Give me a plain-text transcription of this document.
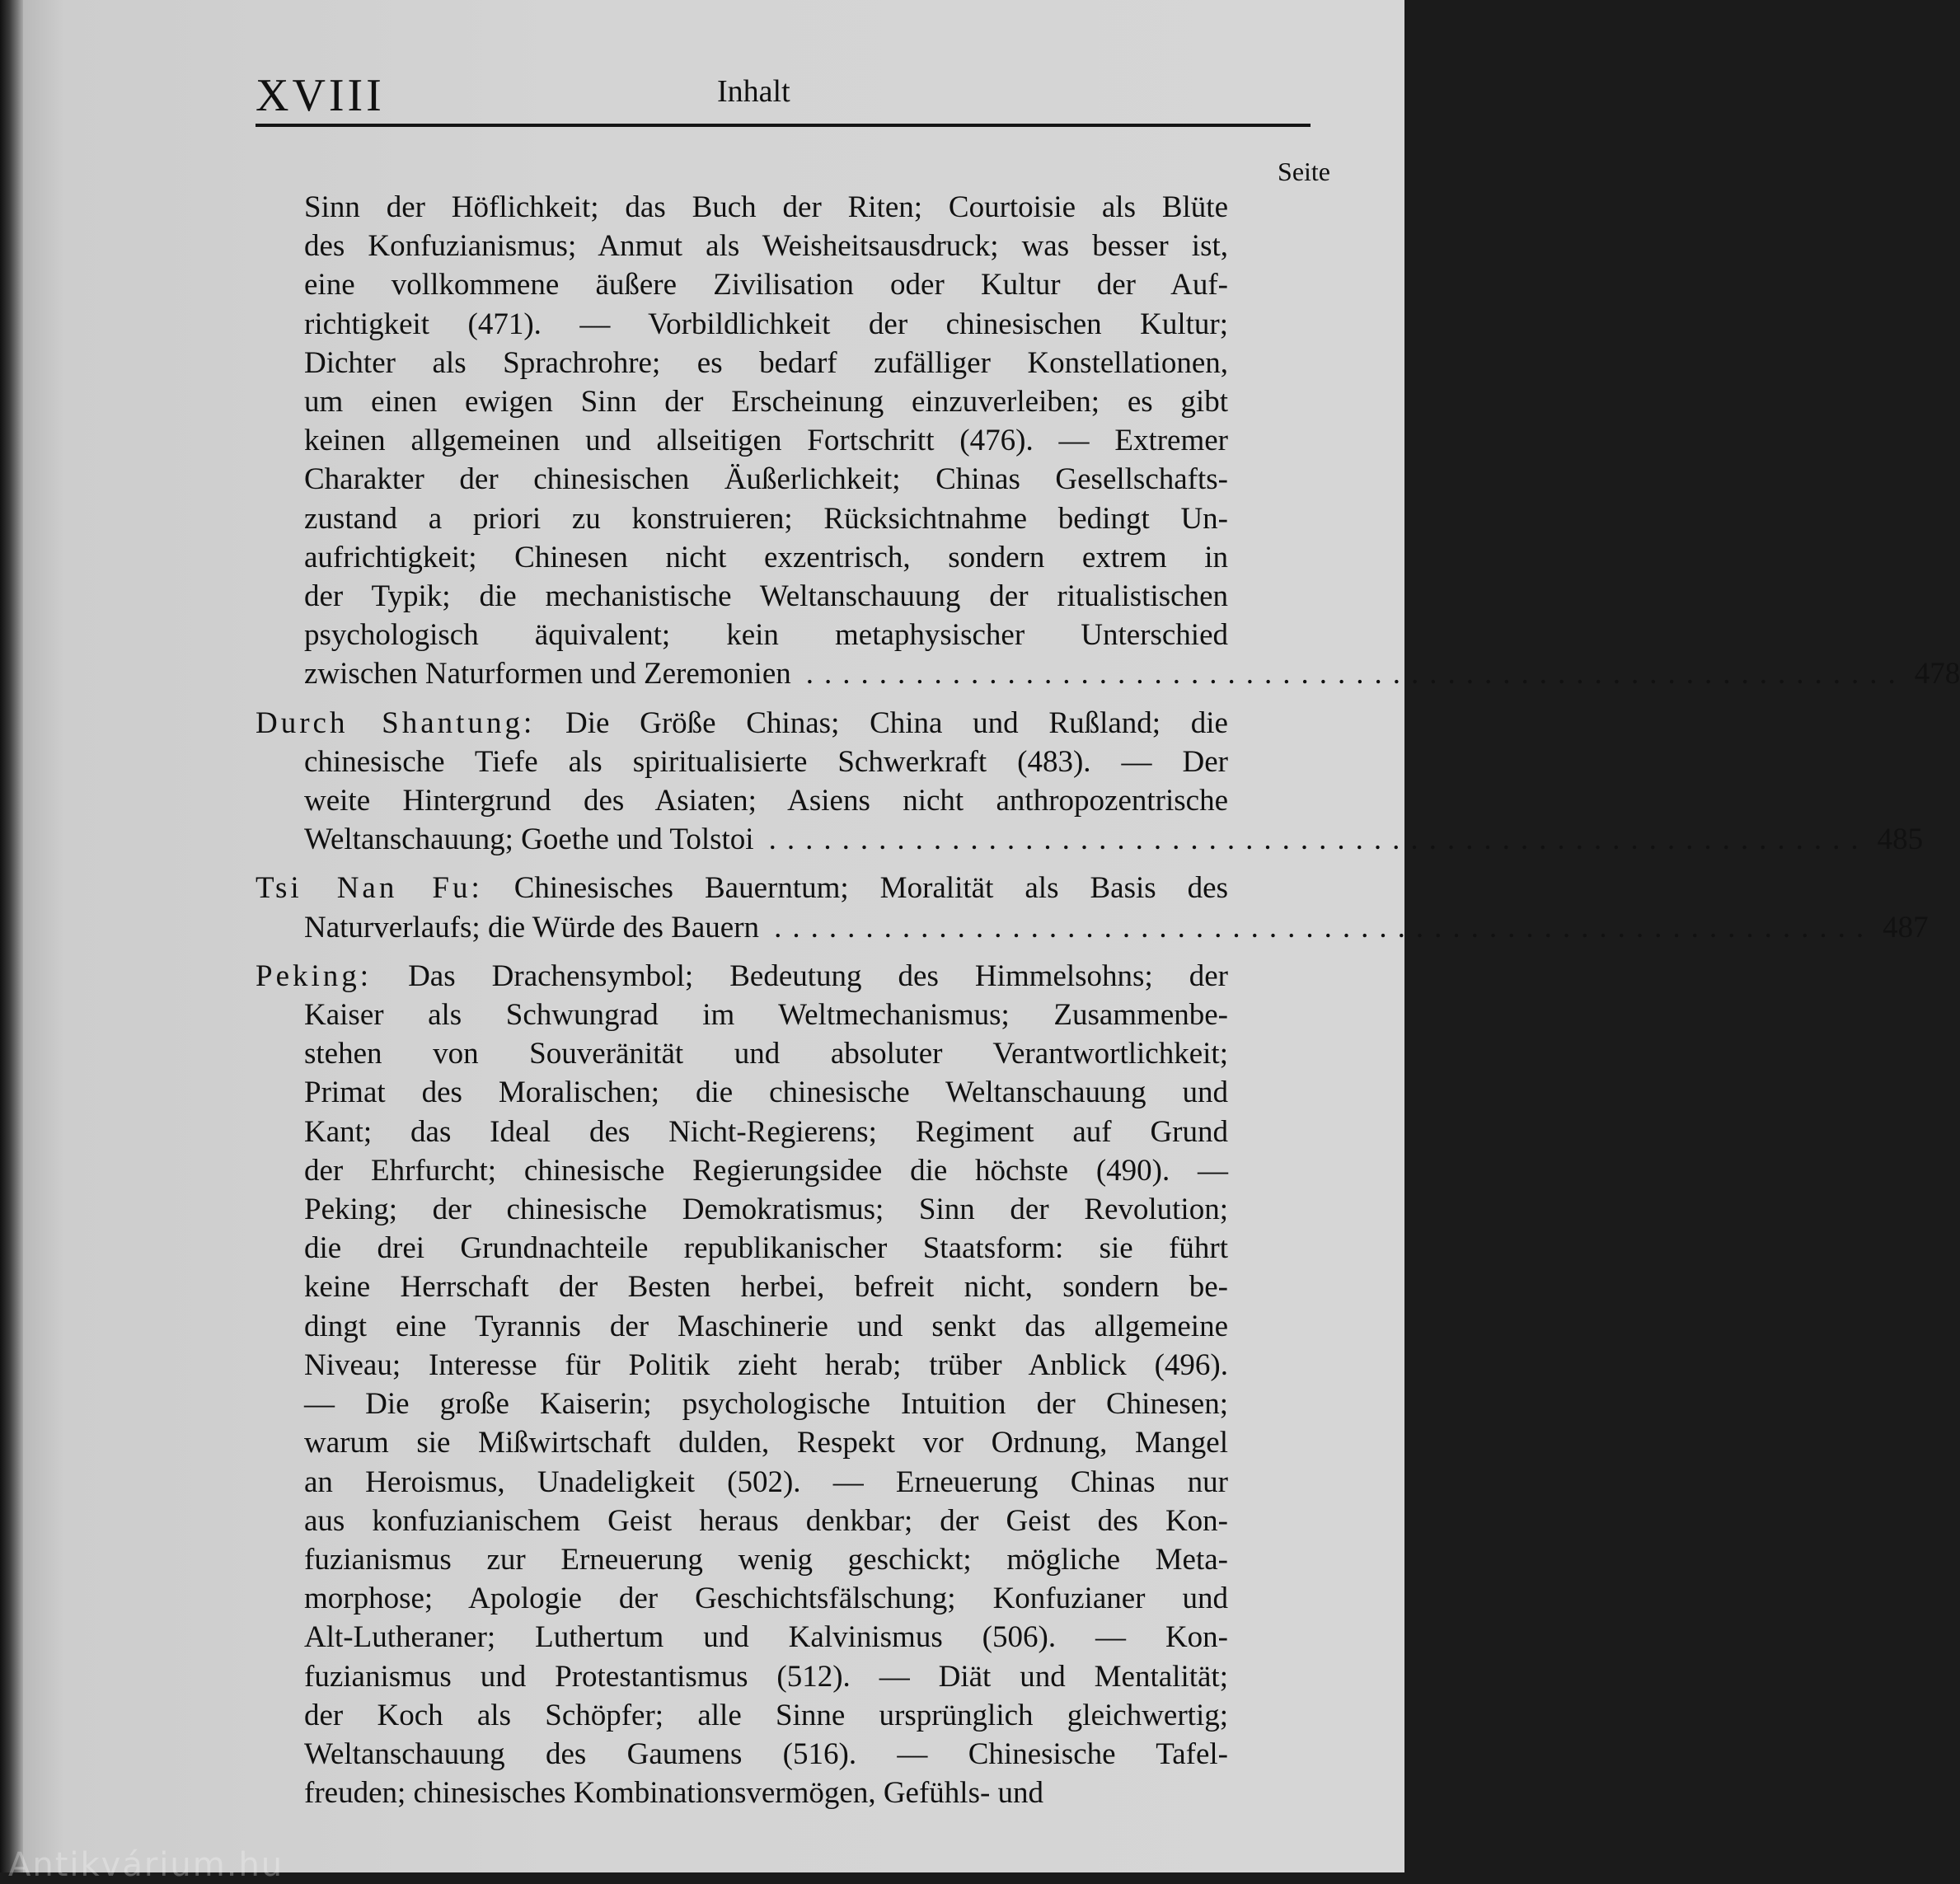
XVIII	Inhalt
Seite
Sinn der Höflichkeit; das Buch der Riten; Courtoisie als Blüte
des Konfuzianismus; Anmut als Weisheitsausdruck; was besser ist,
eine vollkommene äußere Zivilisation oder Kultur der Auf-
richtigkeit (471). — Vorbildlichkeit der chinesischen Kultur;
Dichter als Sprachrohre; es bedarf zufälliger Konstellationen,
um einen ewigen Sinn der Erscheinung einzuverleiben; es gibt
keinen allgemeinen und allseitigen Fortschritt (476). — Extremer
Charakter der chinesischen Äußerlichkeit; Chinas Gesellschafts-
zustand a priori zu konstruieren; Rücksichtnahme bedingt Un-
aufrichtigkeit; Chinesen nicht exzentrisch, sondern extrem in
der Typik; die mechanistische Weltanschauung der ritualistischen
psychologisch äquivalent; kein metaphysischer Unterschied
zwischen Naturformen und Zeremonien ............................................................ 478
Durch Shantung: Die Größe Chinas; China und Rußland; die
chinesische Tiefe als spiritualisierte Schwerkraft (483). — Der
weite Hintergrund des Asiaten; Asiens nicht anthropozentrische
Weltanschauung; Goethe und Tolstoi ............................................................ 485
Tsi Nan Fu: Chinesisches Bauerntum; Moralität als Basis des
Naturverlaufs; die Würde des Bauern ............................................................ 487
Peking: Das Drachensymbol; Bedeutung des Himmelsohns; der
Kaiser als Schwungrad im Weltmechanismus; Zusammenbe-
stehen von Souveränität und absoluter Verantwortlichkeit;
Primat des Moralischen; die chinesische Weltanschauung und
Kant; das Ideal des Nicht-Regierens; Regiment auf Grund
der Ehrfurcht; chinesische Regierungsidee die höchste (490). —
Peking; der chinesische Demokratismus; Sinn der Revolution;
die drei Grundnachteile republikanischer Staatsform: sie führt
keine Herrschaft der Besten herbei, befreit nicht, sondern be-
dingt eine Tyrannis der Maschinerie und senkt das allgemeine
Niveau; Interesse für Politik zieht herab; trüber Anblick (496).
— Die große Kaiserin; psychologische Intuition der Chinesen;
warum sie Mißwirtschaft dulden, Respekt vor Ordnung, Mangel
an Heroismus, Unadeligkeit (502). — Erneuerung Chinas nur
aus konfuzianischem Geist heraus denkbar; der Geist des Kon-
fuzianismus zur Erneuerung wenig geschickt; mögliche Meta-
morphose; Apologie der Geschichtsfälschung; Konfuzianer und
Alt-Lutheraner; Luthertum und Kalvinismus (506). — Kon-
fuzianismus und Protestantismus (512). — Diät und Mentalität;
der Koch als Schöpfer; alle Sinne ursprünglich gleichwertig;
Weltanschauung des Gaumens (516). — Chinesische Tafel-
freuden; chinesisches Kombinationsvermögen, Gefühls- und
Antikvárium.hu
